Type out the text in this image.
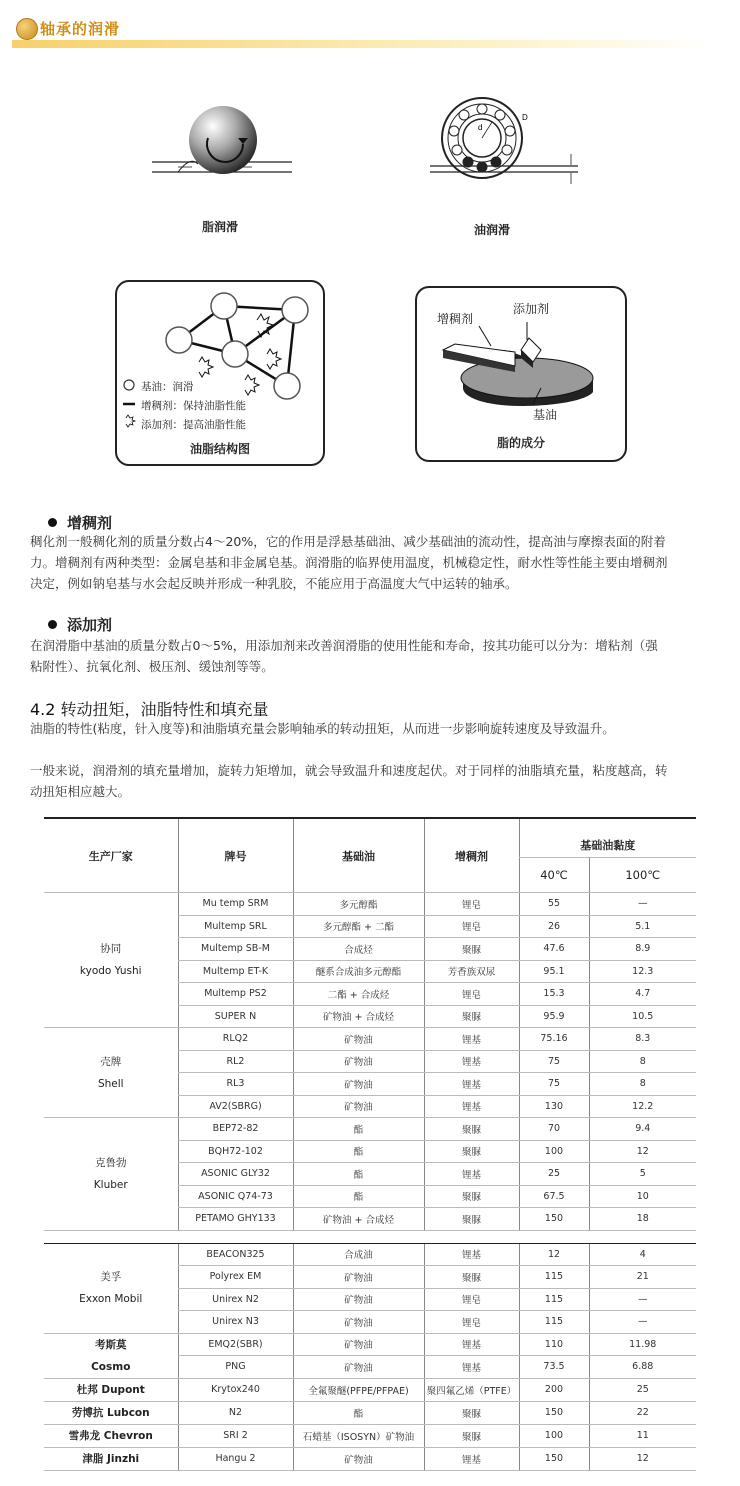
轴承的润滑
脂润滑
d
D
油润滑
基油：润滑
增稠剂：保持油脂性能
添加剂：提高油脂性能
油脂结构图
增稠剂
添加剂
基油
脂的成分
增稠剂
稠化剂一般稠化剂的质量分数占4～20%，它的作用是浮悬基础油、减少基础油的流动性，提高油与摩擦表面的附着
力。增稠剂有两种类型：金属皂基和非金属皂基。润滑脂的临界使用温度，机械稳定性，耐水性等性能主要由增稠剂
决定，例如钠皂基与水会起反映并形成一种乳胶，不能应用于高温度大气中运转的轴承。
添加剂
在润滑脂中基油的质量分数占0～5%，用添加剂来改善润滑脂的使用性能和寿命，按其功能可以分为：增粘剂（强
粘附性）、抗氧化剂、极压剂、缓蚀剂等等。
4.2 转动扭矩，油脂特性和填充量
油脂的特性(粘度，针入度等)和油脂填充量会影响轴承的转动扭矩，从而进一步影响旋转速度及导致温升。
一般来说，润滑剂的填充量增加，旋转力矩增加，就会导致温升和速度起伏。对于同样的油脂填充量，粘度越高，转
动扭矩相应越大。
生产厂家	牌号	基础油	增稠剂	基础油黏度	
				40℃	100℃

协同
kyodo Yushi	Mu temp SRM	多元醇酯	锂皂	55	—
	Multemp SRL	多元醇酯 + 二酯	锂皂	26	5.1
	Multemp SB-M	合成烃	聚脲	47.6	8.9
	Multemp ET-K	醚系合成油多元醇酯	芳香族双尿	95.1	12.3
	Multemp PS2	二酯 + 合成烃	锂皂	15.3	4.7
	SUPER N	矿物油 + 合成烃	聚脲	95.9	10.5

壳牌
Shell	RLQ2	矿物油	锂基	75.16	8.3
	RL2	矿物油	锂基	75	8
	RL3	矿物油	锂基	75	8
	AV2(SBRG)	矿物油	锂基	130	12.2

克鲁勃
Kluber	BEP72-82	酯	聚脲	70	9.4
	BQH72-102	酯	聚脲	100	12
	ASONIC GLY32	酯	锂基	25	5
	ASONIC Q74-73	酯	聚脲	67.5	10
	PETAMO GHY133	矿物油 + 合成烃	聚脲	150	18

美孚
Exxon Mobil	BEACON325	合成油	锂基	12	4
	Polyrex EM	矿物油	聚脲	115	21
	Unirex N2	矿物油	锂皂	115	—
	Unirex N3	矿物油	锂皂	115	—

考斯莫
Cosmo	EMQ2(SBR)	矿物油	锂基	110	11.98
	PNG	矿物油	锂基	73.5	6.88

杜邦 Dupont	Krytox240	全氟聚醚(PFPE/PFPAE)	聚四氟乙烯（PTFE）	200	25

劳博抗 Lubcon	N2	酯	聚脲	150	22

雪弗龙 Chevron	SRI 2	石蜡基（ISOSYN）矿物油	聚脲	100	11

津脂 Jinzhi	Hangu 2	矿物油	锂基	150	12
